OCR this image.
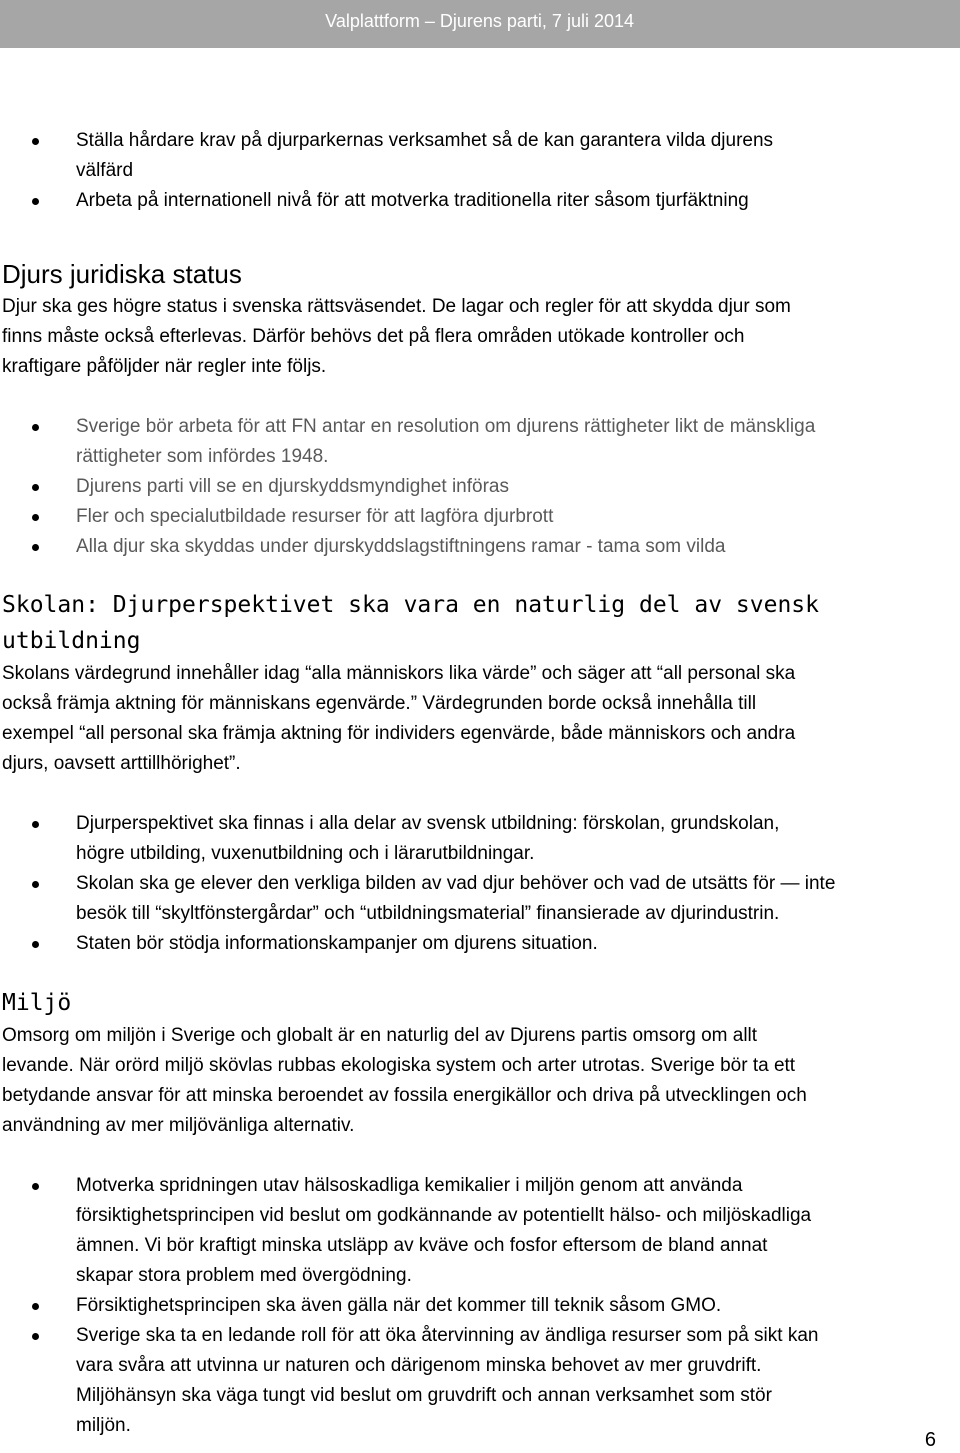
Valplattform – Djurens parti, 7 juli 2014
Ställa hårdare krav på djurparkernas verksamhet så de kan garantera vilda djurens
välfärd
Arbeta på internationell nivå för att motverka traditionella riter såsom tjurfäktning
Djurs juridiska status
Djur ska ges högre status i svenska rättsväsendet. De lagar och regler för att skydda djur som
finns måste också efterlevas. Därför behövs det på flera områden utökade kontroller och
kraftigare påföljder när regler inte följs.
Sverige bör arbeta för att FN antar en resolution om djurens rättigheter likt de mänskliga
rättigheter som infördes 1948.
Djurens parti vill se en djurskyddsmyndighet införas
Fler och specialutbildade resurser för att lagföra djurbrott
Alla djur ska skyddas under djurskyddslagstiftningens ramar - tama som vilda
Skolan: Djurperspektivet ska vara en naturlig del av svensk utbildning
Skolans värdegrund innehåller idag “alla människors lika värde” och säger att “all personal ska
också främja aktning för människans egenvärde.” Värdegrunden borde också innehålla till
exempel “all personal ska främja aktning för individers egenvärde, både människors och andra
djurs, oavsett arttillhörighet”.
Djurperspektivet ska finnas i alla delar av svensk utbildning: förskolan, grundskolan,
högre utbilding, vuxenutbildning och i lärarutbildningar.
Skolan ska ge elever den verkliga bilden av vad djur behöver och vad de utsätts för — inte
besök till “skyltfönstergårdar” och “utbildningsmaterial” finansierade av djurindustrin.
Staten bör stödja informationskampanjer om djurens situation.
Miljö
Omsorg om miljön i Sverige och globalt är en naturlig del av Djurens partis omsorg om allt
levande. När orörd miljö skövlas rubbas ekologiska system och arter utrotas. Sverige bör ta ett
betydande ansvar för att minska beroendet av fossila energikällor och driva på utvecklingen och
användning av mer miljövänliga alternativ.
Motverka spridningen utav hälsoskadliga kemikalier i miljön genom att använda
försiktighetsprincipen vid beslut om godkännande av potentiellt hälso- och miljöskadliga
ämnen. Vi bör kraftigt minska utsläpp av kväve och fosfor eftersom de bland annat
skapar stora problem med övergödning.
Försiktighetsprincipen ska även gälla när det kommer till teknik såsom GMO.
Sverige ska ta en ledande roll för att öka återvinning av ändliga resurser som på sikt kan
vara svåra att utvinna ur naturen och därigenom minska behovet av mer gruvdrift.
Miljöhänsyn ska väga tungt vid beslut om gruvdrift och annan verksamhet som stör
miljön.
6
